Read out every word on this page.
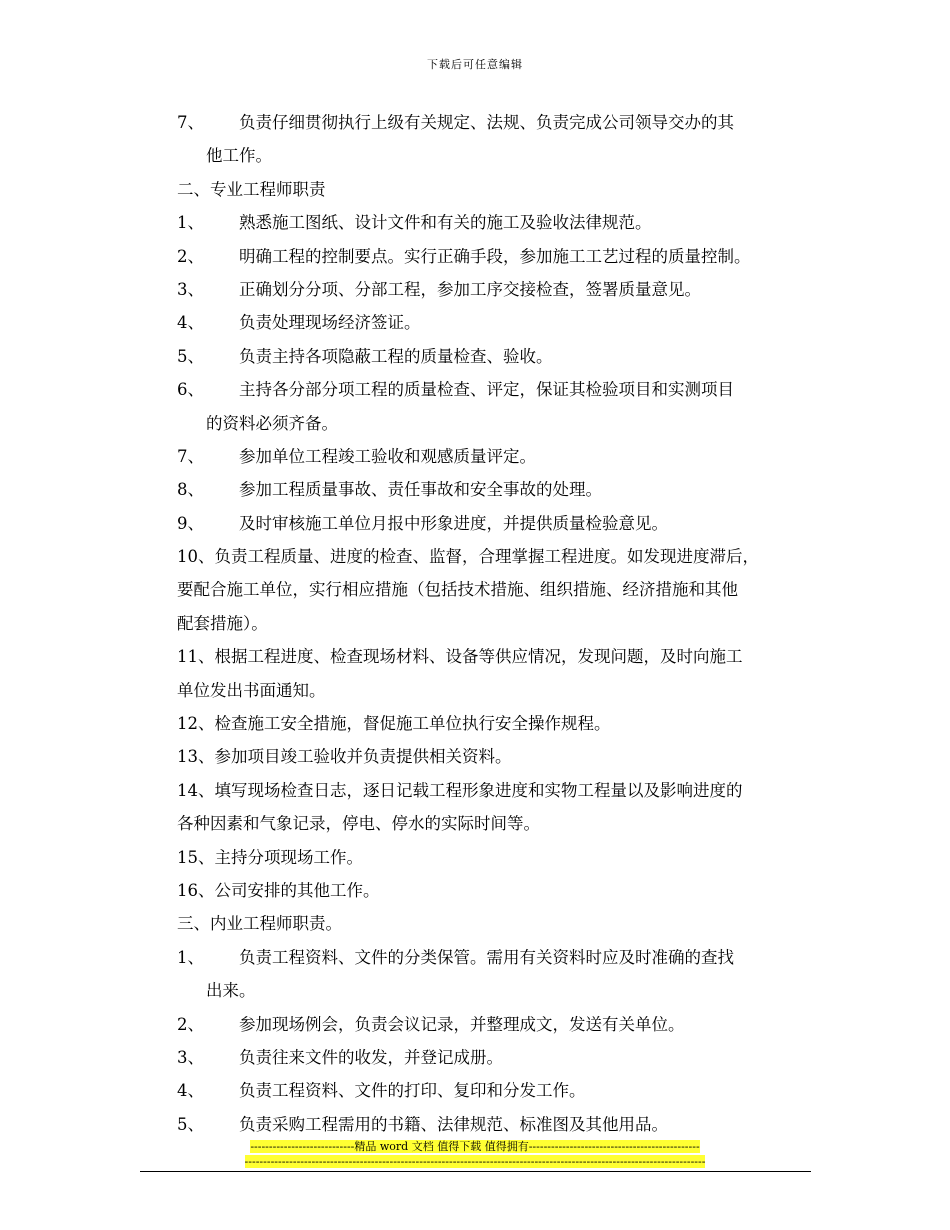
下载后可任意编辑
7、 负责仔细贯彻执行上级有关规定、法规、负责完成公司领导交办的其
他工作。
二、专业工程师职责
1、 熟悉施工图纸、设计文件和有关的施工及验收法律规范。
2、 明确工程的控制要点。实行正确手段，参加施工工艺过程的质量控制。
3、 正确划分分项、分部工程，参加工序交接检查，签署质量意见。
4、 负责处理现场经济签证。
5、 负责主持各项隐蔽工程的质量检查、验收。
6、 主持各分部分项工程的质量检查、评定，保证其检验项目和实测项目
的资料必须齐备。
7、 参加单位工程竣工验收和观感质量评定。
8、 参加工程质量事故、责任事故和安全事故的处理。
9、 及时审核施工单位月报中形象进度，并提供质量检验意见。
10、负责工程质量、进度的检查、监督，合理掌握工程进度。如发现进度滞后，
要配合施工单位，实行相应措施（包括技术措施、组织措施、经济措施和其他
配套措施）。
11、根据工程进度、检查现场材料、设备等供应情况，发现问题，及时向施工
单位发出书面通知。
12、检查施工安全措施，督促施工单位执行安全操作规程。
13、参加项目竣工验收并负责提供相关资料。
14、填写现场检查日志，逐日记载工程形象进度和实物工程量以及影响进度的
各种因素和气象记录，停电、停水的实际时间等。
15、主持分项现场工作。
16、公司安排的其他工作。
三、内业工程师职责。
1、 负责工程资料、文件的分类保管。需用有关资料时应及时准确的查找
出来。
2、 参加现场例会，负责会议记录，并整理成文，发送有关单位。
3、 负责往来文件的收发，并登记成册。
4、 负责工程资料、文件的打印、复印和分发工作。
5、 负责采购工程需用的书籍、法律规范、标准图及其他用品。
----------------------------精品 word 文档 值得下载 值得拥有----------------------------------------------
----------------------------------------------------------------------------------------------------------------------------
